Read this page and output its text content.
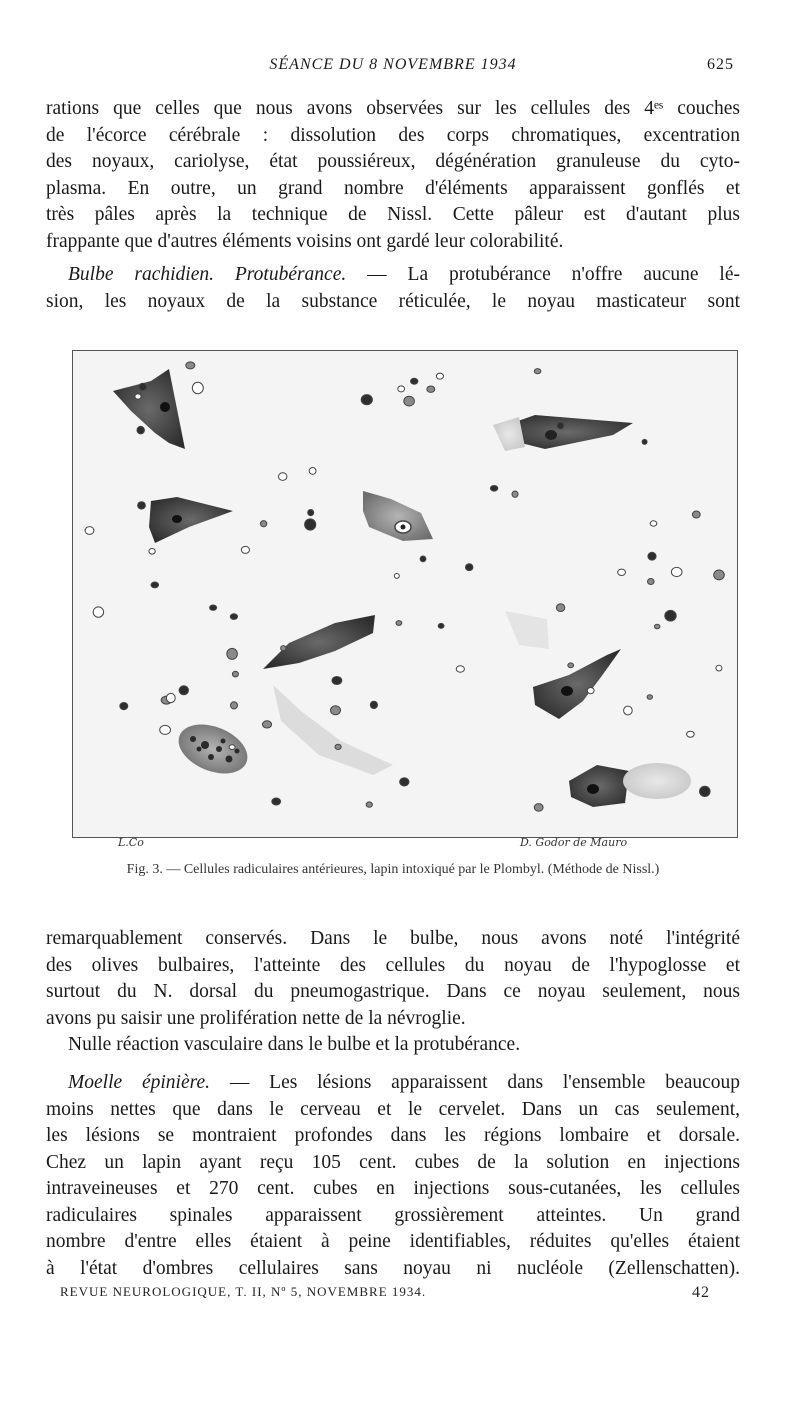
SÉANCE DU 8 NOVEMBRE 1934	625
rations que celles que nous avons observées sur les cellules des 4ᵉˢ couches
de l'écorce cérébrale : dissolution des corps chromatiques, excentration
des noyaux, cariolyse, état poussiéreux, dégénération granuleuse du cyto-
plasma. En outre, un grand nombre d'éléments apparaissent gonflés et
très pâles après la technique de Nissl. Cette pâleur est d'autant plus
frappante que d'autres éléments voisins ont gardé leur colorabilité.
Bulbe rachidien. Protubérance. — La protubérance n'offre aucune lé-
sion, les noyaux de la substance réticulée, le noyau masticateur sont
L.Co	D. Godor de Mauro
Fig. 3. — Cellules radiculaires antérieures, lapin intoxiqué par le Plombyl. (Méthode de Nissl.)
remarquablement conservés. Dans le bulbe, nous avons noté l'intégrité
des olives bulbaires, l'atteinte des cellules du noyau de l'hypoglosse et
surtout du N. dorsal du pneumogastrique. Dans ce noyau seulement, nous
avons pu saisir une prolifération nette de la névroglie.
Nulle réaction vasculaire dans le bulbe et la protubérance.
Moelle épinière. — Les lésions apparaissent dans l'ensemble beaucoup
moins nettes que dans le cerveau et le cervelet. Dans un cas seulement,
les lésions se montraient profondes dans les régions lombaire et dorsale.
Chez un lapin ayant reçu 105 cent. cubes de la solution en injections
intraveineuses et 270 cent. cubes en injections sous-cutanées, les cellules
radiculaires spinales apparaissent grossièrement atteintes. Un grand
nombre d'entre elles étaient à peine identifiables, réduites qu'elles étaient
à l'état d'ombres cellulaires sans noyau ni nucléole (Zellenschatten).
REVUE NEUROLOGIQUE, T. II, Nº 5, NOVEMBRE 1934.	42
